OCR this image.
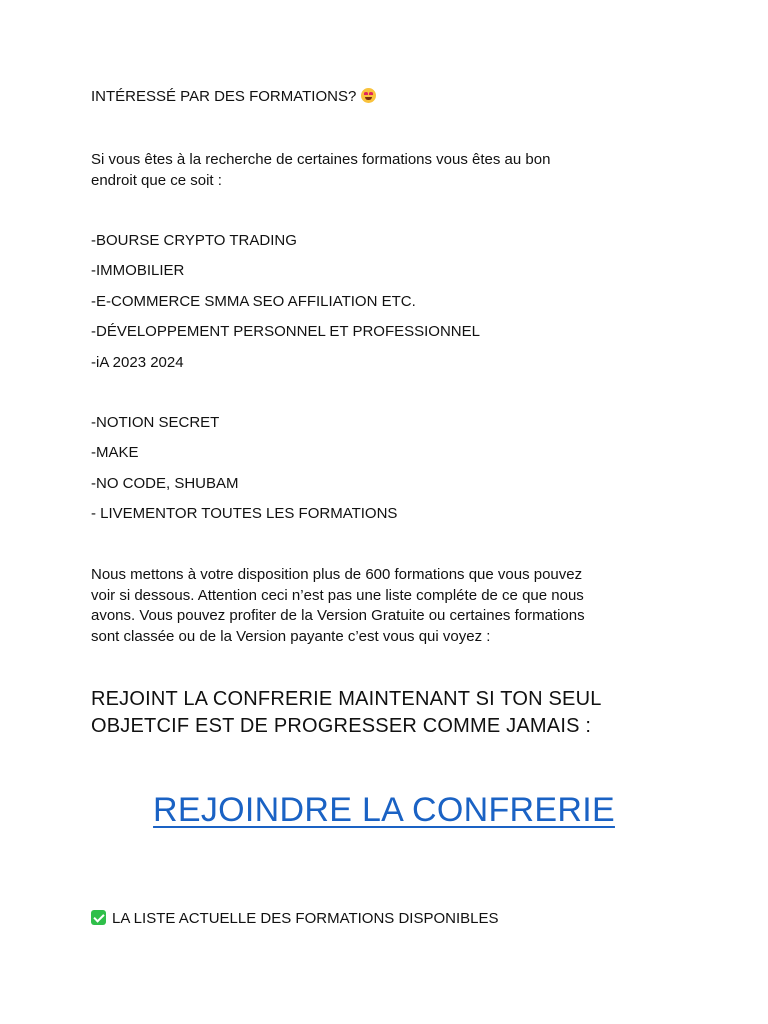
INTÉRESSÉ PAR DES FORMATIONS?

Si vous êtes à la recherche de certaines formations vous êtes au bon
endroit que ce soit :

-BOURSE CRYPTO TRADING

-IMMOBILIER

-E-COMMERCE SMMA SEO AFFILIATION ETC.

-DÉVELOPPEMENT PERSONNEL ET PROFESSIONNEL

-iA 2023 2024

-NOTION SECRET

-MAKE

-NO CODE, SHUBAM

- LIVEMENTOR TOUTES LES FORMATIONS

Nous mettons à votre disposition plus de 600 formations que vous pouvez
voir si dessous. Attention ceci n’est pas une liste compléte de ce que nous
avons. Vous pouvez profiter de la Version Gratuite ou certaines formations
sont classée ou de la Version payante c’est vous qui voyez :
REJOINT LA CONFRERIE MAINTENANT SI TON SEUL
OBJETCIF EST DE PROGRESSER COMME JAMAIS :

REJOINDRE LA CONFRERIE

LA LISTE ACTUELLE DES FORMATIONS DISPONIBLES
